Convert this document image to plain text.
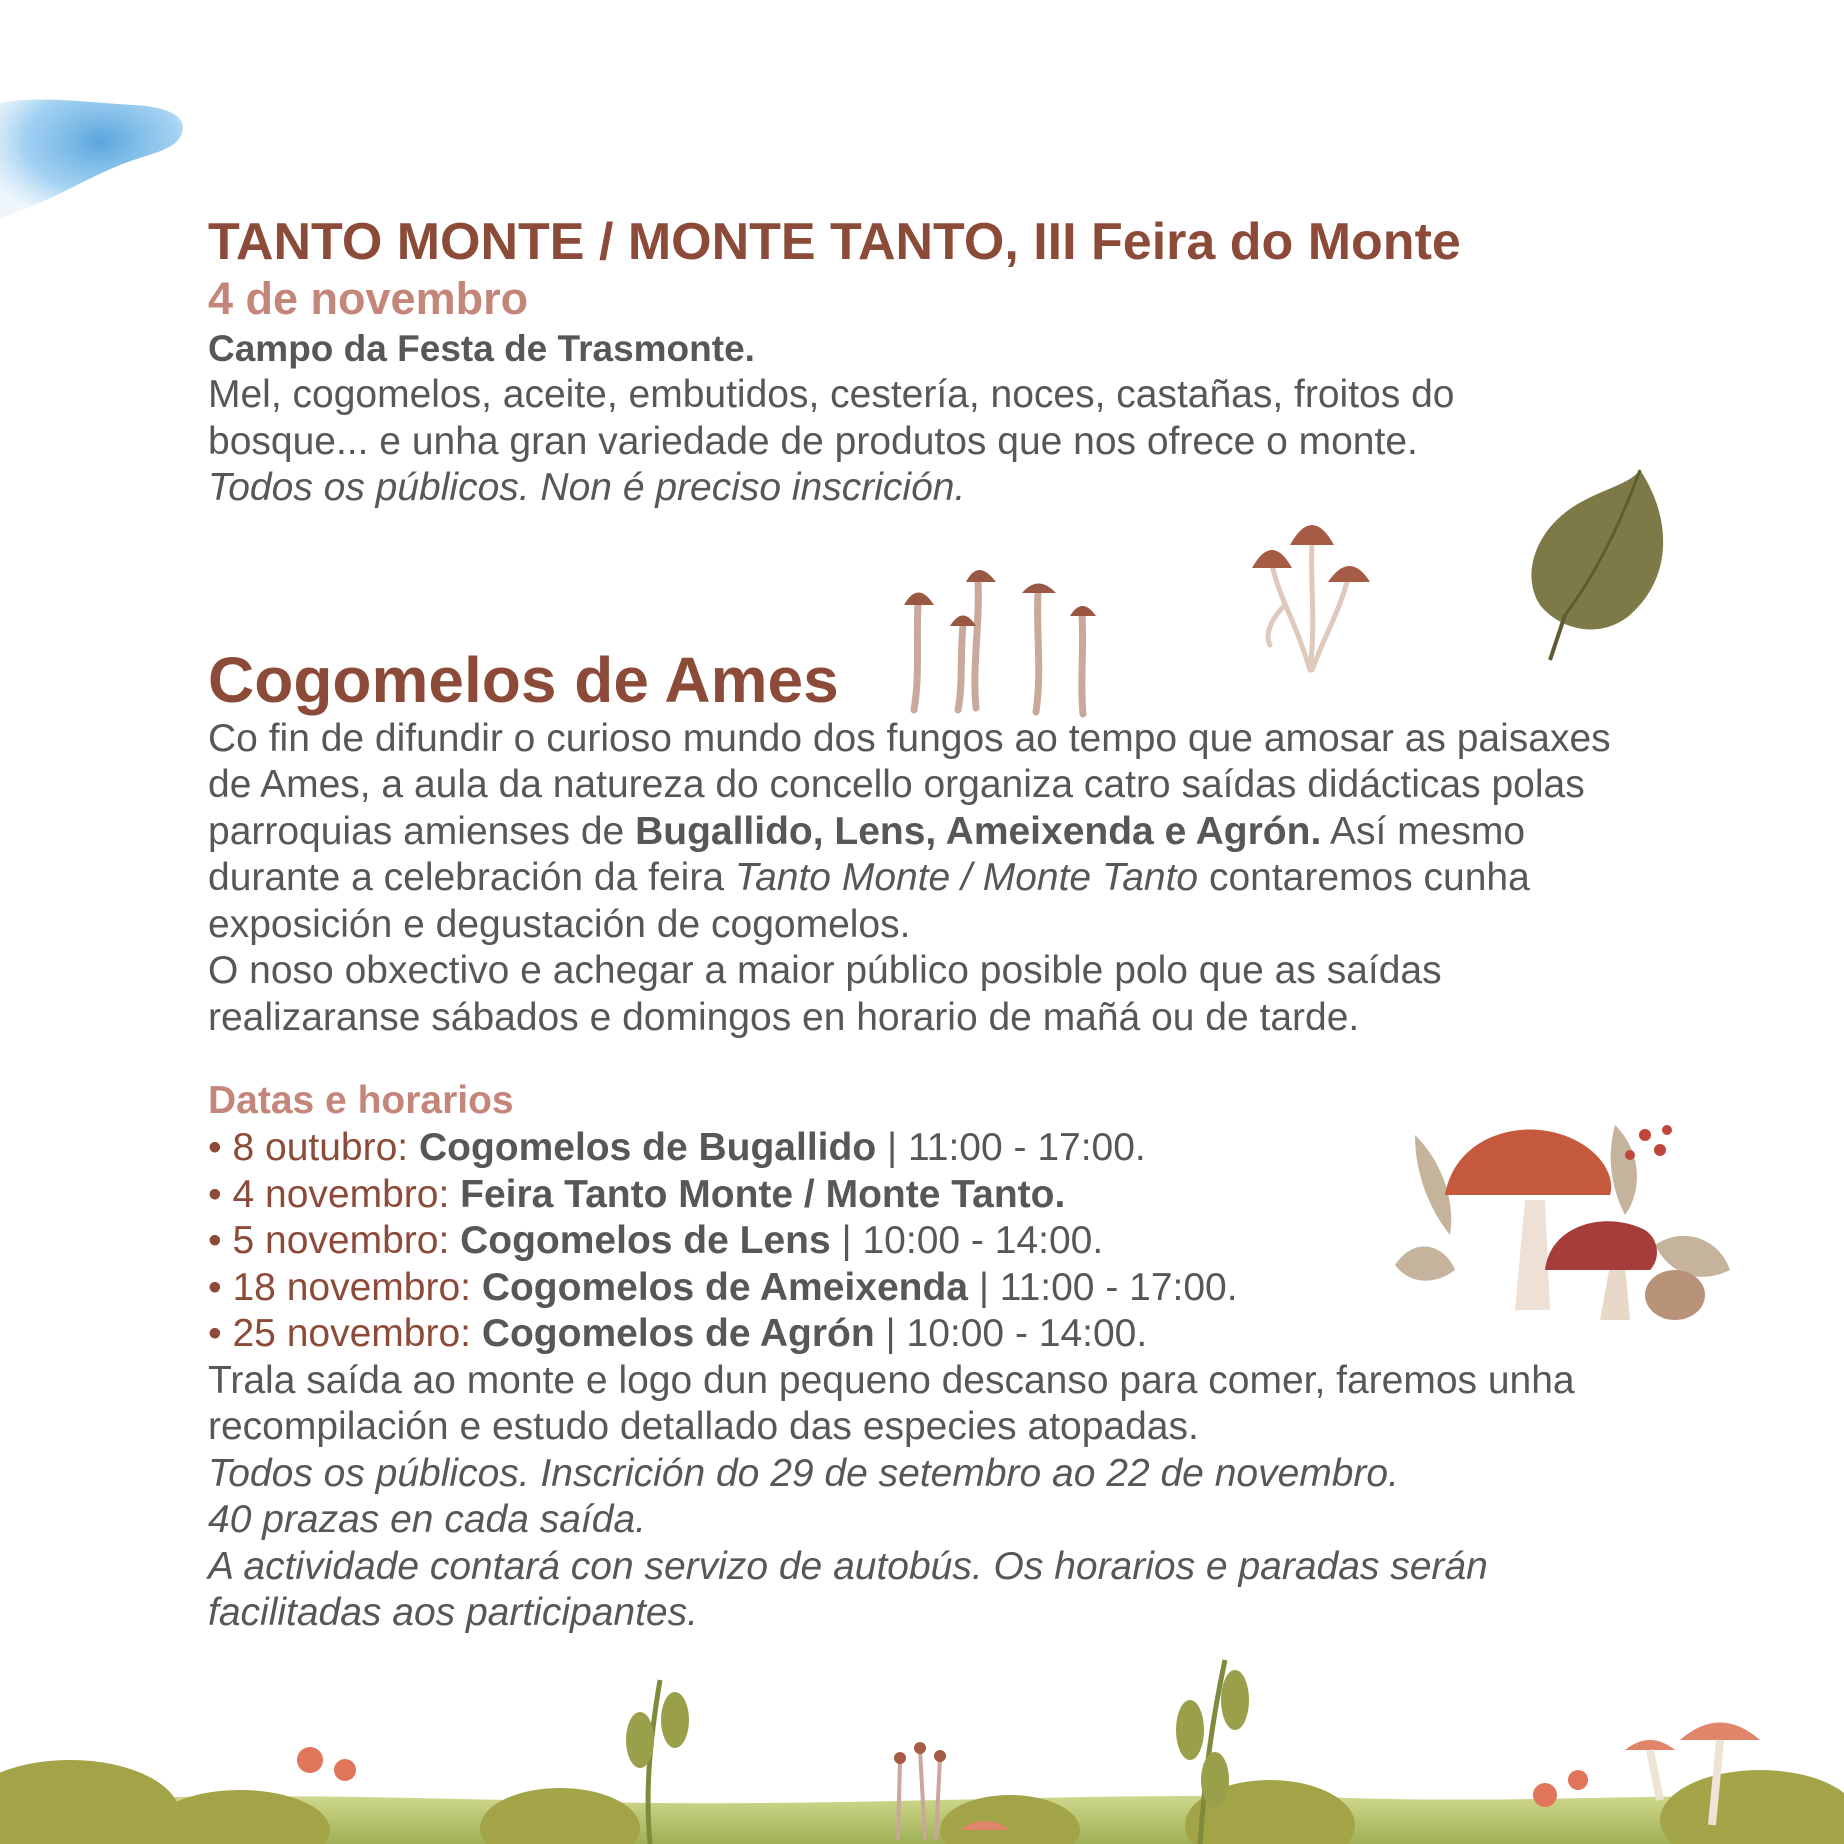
TANTO MONTE / MONTE TANTO, III Feira do Monte
4 de novembro
Campo da Festa de Trasmonte.
Mel, cogomelos, aceite, embutidos, cestería, noces, castañas, froitos do bosque... e unha gran variedade de produtos que nos ofrece o monte.
Todos os públicos. Non é preciso inscrición.
Cogomelos de Ames
Co fin de difundir o curioso mundo dos fungos ao tempo que amosar as paisaxes de Ames, a aula da natureza do concello organiza catro saídas didácticas polas parroquias amienses de Bugallido, Lens, Ameixenda e Agrón. Así mesmo durante a celebración da feira Tanto Monte / Monte Tanto contaremos cunha exposición e degustación de cogomelos.
O noso obxectivo e achegar a maior público posible polo que as saídas realizaranse sábados e domingos en horario de mañá ou de tarde.
Datas e horarios
• 8 outubro: Cogomelos de Bugallido | 11:00 - 17:00.
• 4 novembro: Feira Tanto Monte / Monte Tanto.
• 5 novembro: Cogomelos de Lens | 10:00 - 14:00.
• 18 novembro: Cogomelos de Ameixenda | 11:00 - 17:00.
• 25 novembro: Cogomelos de Agrón | 10:00 - 14:00.
Trala saída ao monte e logo dun pequeno descanso para comer, faremos unha recompilación e estudo detallado das especies atopadas.
Todos os públicos. Inscrición do 29 de setembro ao 22 de novembro.
40 prazas en cada saída.
A actividade contará con servizo de autobús. Os horarios e paradas serán facilitadas aos participantes.
